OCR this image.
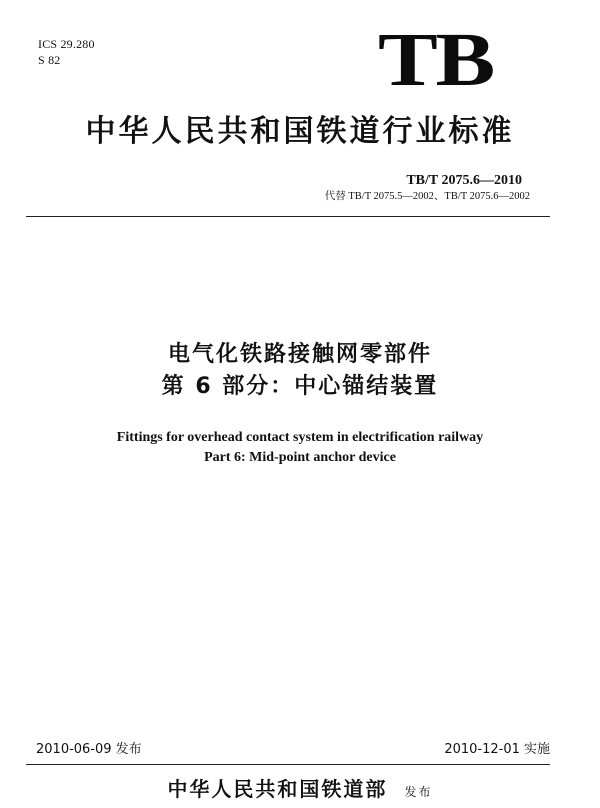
ICS 29.280
S 82	TB
中华人民共和国铁道行业标准
TB/T 2075.6—2010
代替 TB/T 2075.5—2002、TB/T 2075.6—2002
电气化铁路接触网零部件
第 6 部分：中心锚结装置
Fittings for overhead contact system in electrification railway
Part 6: Mid-point anchor device
2010-06-09 发布	2010-12-01 实施
中华人民共和国铁道部 发布
